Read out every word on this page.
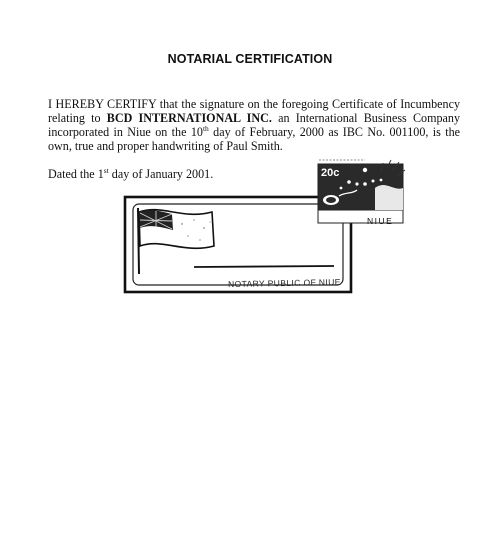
NOTARIAL CERTIFICATION
I HEREBY CERTIFY that the signature on the foregoing Certificate of Incumbency relating to BCD INTERNATIONAL INC. an International Business Company incorporated in Niue on the 10th day of February, 2000 as IBC No. 001100, is the own, true and proper handwriting of Paul Smith.
Dated the 1st day of January 2001.
NOTARY PUBLIC OF NIUE
20c
NIUE
